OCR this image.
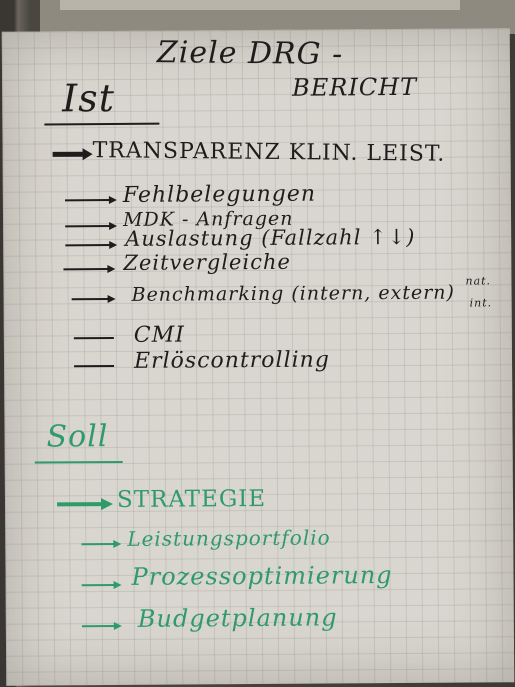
Ziele DRG -
BERICHT
Ist
TRANSPARENZ KLIN. LEIST.
Fehlbelegungen
MDK - Anfragen
Auslastung (Fallzahl ↑↓)
Zeitvergleiche
Benchmarking (intern, extern)
nat.
int.
CMI
Erlöscontrolling
Soll
STRATEGIE
Leistungsportfolio
Prozessoptimierung
Budgetplanung
